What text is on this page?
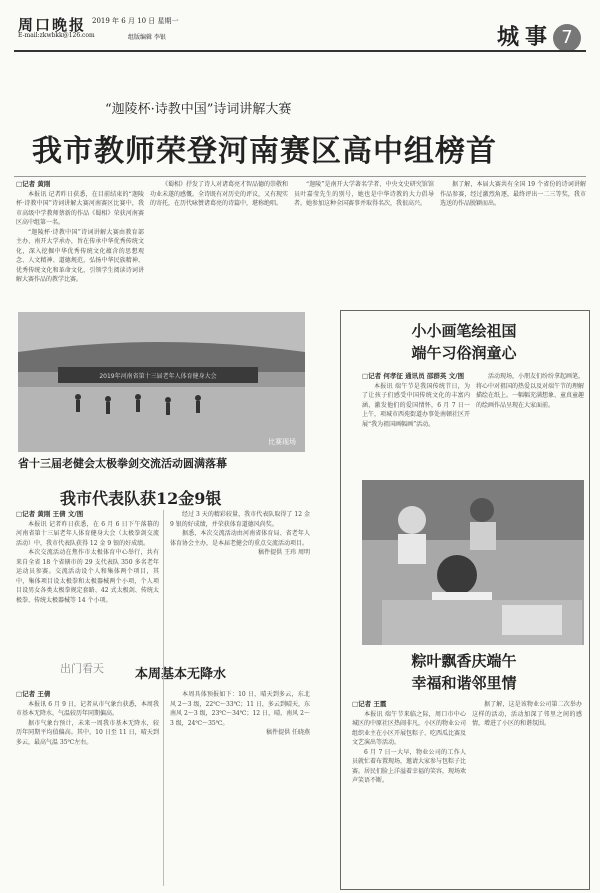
周口晚报 2019 年 6 月 10 日 星期一
E-mail:zkwbkk@126.com	组版编辑 李银	城事 7
“迦陵杯·诗教中国”诗词讲解大赛
我市教师荣登河南赛区高中组榜首
□记者 黄刚

本报讯 记者昨日获悉，在目前结束的“迦陵杯·诗教中国”诗词讲解大赛河南赛区比赛中，我市高级中学教师蔡新的作品《蜀相》荣获河南赛区高中组第一名。

“迦陵杯·诗教中国”诗词讲解大赛由教育部主办，南开大学承办，旨在传承中华优秀传统文化，深入挖掘中华优秀传统文化蕴含的思想观念、人文精神、道德规范，弘扬中华民族精神、优秀传统文化和革命文化，引领学生阅读诗词讲解大赛作品的教学比赛。

《蜀相》抒发了诗人对诸葛亮才智品德的崇敬和功业未遂的感慨。全诗既有对历史的评议，又有现实的寄托，在历代咏赞诸葛亮的诗篇中，堪称绝唱。

“迦陵”是南开大学著名学者、中央文史研究馆馆员叶嘉莹先生的别号，她也是中华诗教的大力倡导者。她参加这种全国赛事并取得名次，我很高兴。

据了解，本届大赛共有全国 19 个省份的诗词讲解作品参赛，经过激烈角逐，最终评出一二三等奖，我市选送的作品脱颖而出。

2019年河南省第十三届老年人体育健身大会
比赛现场
省十三届老健会太极拳剑交流活动圆满落幕
我市代表队获12金9银
□记者 黄刚 王倩 文/图

本报讯 记者昨日获悉，在 6 月 6 日下午落幕的河南省第十三届老年人体育健身大会（太极拳剑交流活动）中，我市代表队获得 12 金 9 银的好成绩。

本次交流活动在焦作市太极体育中心举行，共有来自全省 18 个省辖市的 29 支代表队 350 多名老年运动员参赛。交流活动设个人和集体两个项目，其中，集体项目设太极拳和太极器械两个小项，个人项目设男女各类太极拳规定套路、42 式太极剑、传统太极拳、传统太极器械等 14 个小项。

经过 3 天的精彩较量，我市代表队取得了 12 金 9 银的好成绩，并荣获体育道德风尚奖。

据悉，本次交流活动由河南省体育局、省老年人体育协会主办，是本届老健会的重点交流活动项目。

稿件提供 王玮 周明
出门看天 本周基本无降水
□记者 王倩

本报讯 6 月 9 日，记者从市气象台获悉，本周我市基本无降水，气温较历年同期偏高。

据市气象台预计，未来一周我市基本无降水，较历年同期平均值偏高。其中，10 日至 11 日，晴天到多云，最高气温 35℃左右。

本周具体预报如下：10 日，晴天到多云，东北风 2～3 级，22℃～33℃；11 日，多云到晴天，东南风 2～3 级，23℃～34℃；12 日，晴，南风 2～3 级，24℃～35℃。

稿件提供 任晓燕
小小画笔绘祖国
端午习俗润童心
□记者 何孝征 通讯员 邵群英 文/图

本报讯 端午节是我国传统节日，为了让孩子们感受中国传统文化的丰富内涵，激发他们的爱国情怀，6 月 7 日一上午，项城市西苑街道办事处南顿社区开展“我为祖国画幅画”活动。

活动现场，小朋友们纷纷拿起画笔，将心中对祖国的热爱以及对端午节的理解描绘在纸上。一幅幅充满想象、童真童趣的绘画作品呈现在大家面前。

粽叶飘香庆端午
幸福和谐邻里情
□记者 王霞

本报讯 端午节来临之际，周口市中心城区的中原社区热闹非凡，小区的物业公司组织业主在小区开展包粽子、吃西瓜比赛及文艺演出等活动。

6 月 7 日一大早，物业公司的工作人员就忙着布置现场，邀请大家参与包粽子比赛。居民们脸上洋溢着幸福的笑容，现场欢声笑语不断。

据了解，这是该物业公司第二次举办这样的活动，活动加深了邻里之间的感情，增进了小区的和谐氛围。
